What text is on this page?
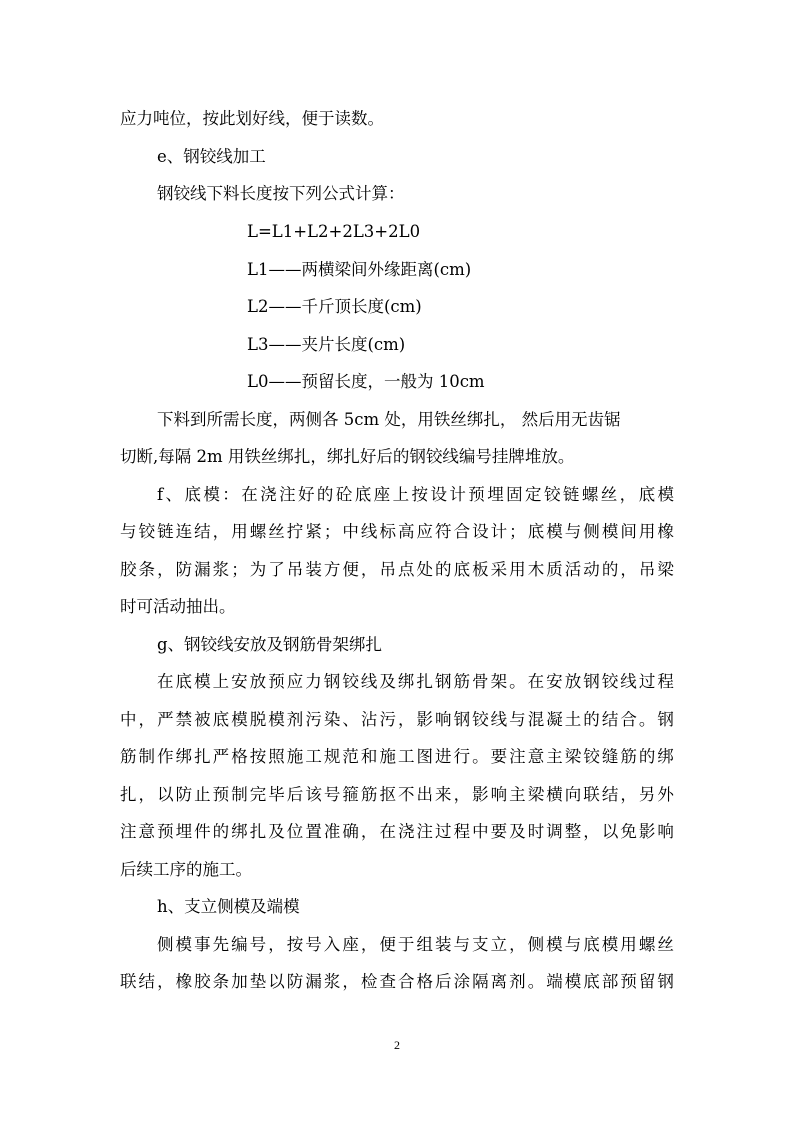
应力吨位，按此划好线，便于读数。
e、钢铰线加工
钢铰线下料长度按下列公式计算：
L=L1+L2+2L3+2L0
L1——两横梁间外缘距离(cm)
L2——千斤顶长度(cm)
L3——夹片长度(cm)
L0——预留长度，一般为 10cm
下料到所需长度，两侧各 5cm 处，用铁丝绑扎， 然后用无齿锯
切断,每隔 2m 用铁丝绑扎，绑扎好后的钢铰线编号挂牌堆放。
f 、 底 模 ： 在 浇 注 好 的 砼 底 座 上 按 设 计 预 埋 固 定 铰 链 螺 丝 ， 底 模
与 铰 链 连 结 ， 用 螺 丝 拧 紧 ； 中 线 标 高 应 符 合 设 计 ； 底 模 与 侧 模 间 用 橡
胶 条 ， 防 漏 浆 ； 为 了 吊 装 方 便 ， 吊 点 处 的 底 板 采 用 木 质 活 动 的 ， 吊 梁
时可活动抽出。
g、钢铰线安放及钢筋骨架绑扎
在 底 模 上 安 放 预 应 力 钢 铰 线 及 绑 扎 钢 筋 骨 架 。 在 安 放 钢 铰 线 过 程
中 ， 严 禁 被 底 模 脱 模 剂 污 染 、 沾 污 ， 影 响 钢 铰 线 与 混 凝 土 的 结 合 。 钢
筋 制 作 绑 扎 严 格 按 照 施 工 规 范 和 施 工 图 进 行 。 要 注 意 主 梁 铰 缝 筋 的 绑
扎 ， 以 防 止 预 制 完 毕 后 该 号 箍 筋 抠 不 出 来 ， 影 响 主 梁 横 向 联 结 ， 另 外
注 意 预 埋 件 的 绑 扎 及 位 置 准 确 ， 在 浇 注 过 程 中 要 及 时 调 整 ， 以 免 影 响
后续工序的施工。
h、支立侧模及端模
侧 模 事 先 编 号 ， 按 号 入 座 ， 便 于 组 装 与 支 立 ， 侧 模 与 底 模 用 螺 丝
联 结 ， 橡 胶 条 加 垫 以 防 漏 浆 ， 检 查 合 格 后 涂 隔 离 剂 。 端 模 底 部 预 留 钢
2
